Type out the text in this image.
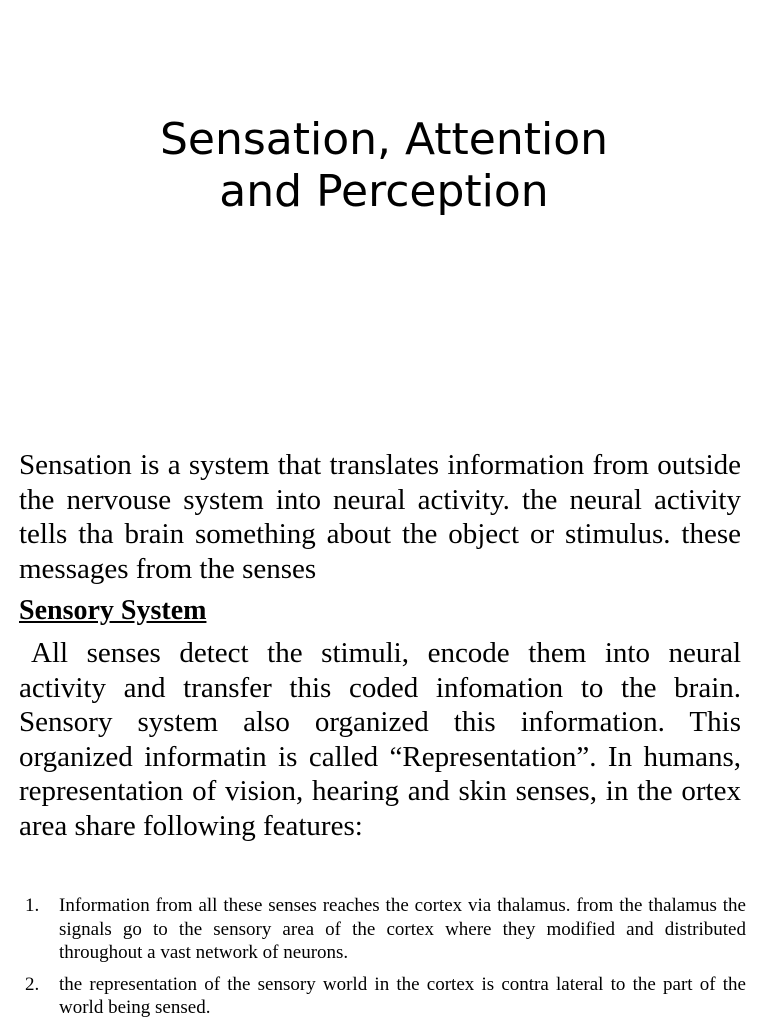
Sensation, Attention
and Perception

Sensation is a system that translates information from outside the nervouse system into neural activity. the neural activity tells tha brain something about the object or stimulus. these messages from the senses

Sensory System

All senses detect the stimuli, encode them into neural activity and transfer this coded infomation to the brain. Sensory system also organized this information. This organized informatin is called “Representation”. In humans, representation of vision, hearing and skin senses, in the ortex area share following features:

1. Information from all these senses reaches the cortex via thalamus. from the thalamus the signals go to the sensory area of the cortex where they modified and distributed throughout a vast network of neurons.
2. the representation of the sensory world in the cortex is contra lateral to the part of the world being sensed.
